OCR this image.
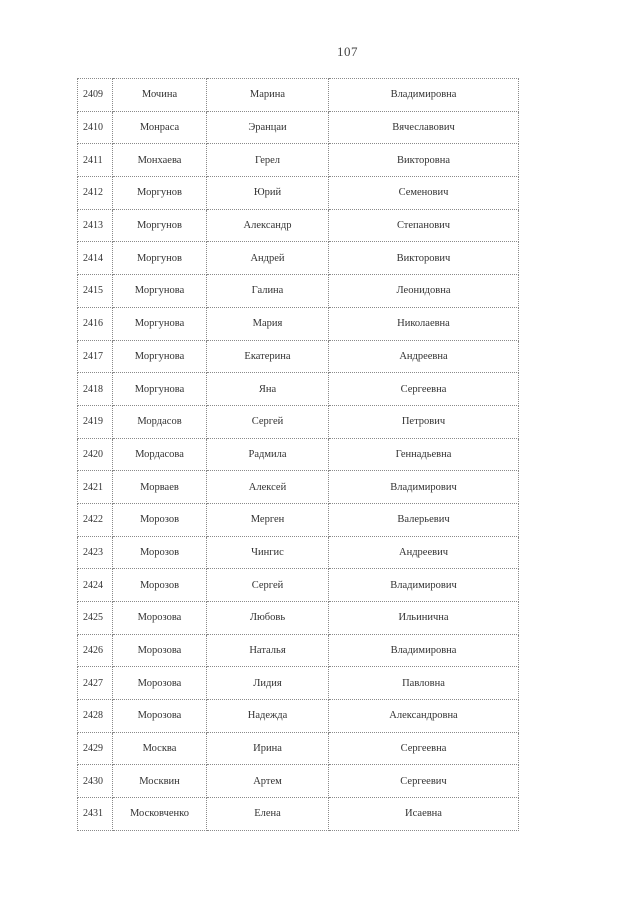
107
2409	Мочина	Марина	Владимировна
2410	Монраса	Эранцаи	Вячеславович
2411	Монхаева	Герел	Викторовна
2412	Моргунов	Юрий	Семенович
2413	Моргунов	Александр	Степанович
2414	Моргунов	Андрей	Викторович
2415	Моргунова	Галина	Леонидовна
2416	Моргунова	Мария	Николаевна
2417	Моргунова	Екатерина	Андреевна
2418	Моргунова	Яна	Сергеевна
2419	Мордасов	Сергей	Петрович
2420	Мордасова	Радмила	Геннадьевна
2421	Морваев	Алексей	Владимирович
2422	Морозов	Мерген	Валерьевич
2423	Морозов	Чингис	Андреевич
2424	Морозов	Сергей	Владимирович
2425	Морозова	Любовь	Ильинична
2426	Морозова	Наталья	Владимировна
2427	Морозова	Лидия	Павловна
2428	Морозова	Надежда	Александровна
2429	Москва	Ирина	Сергеевна
2430	Москвин	Артем	Сергеевич
2431	Московченко	Елена	Исаевна
